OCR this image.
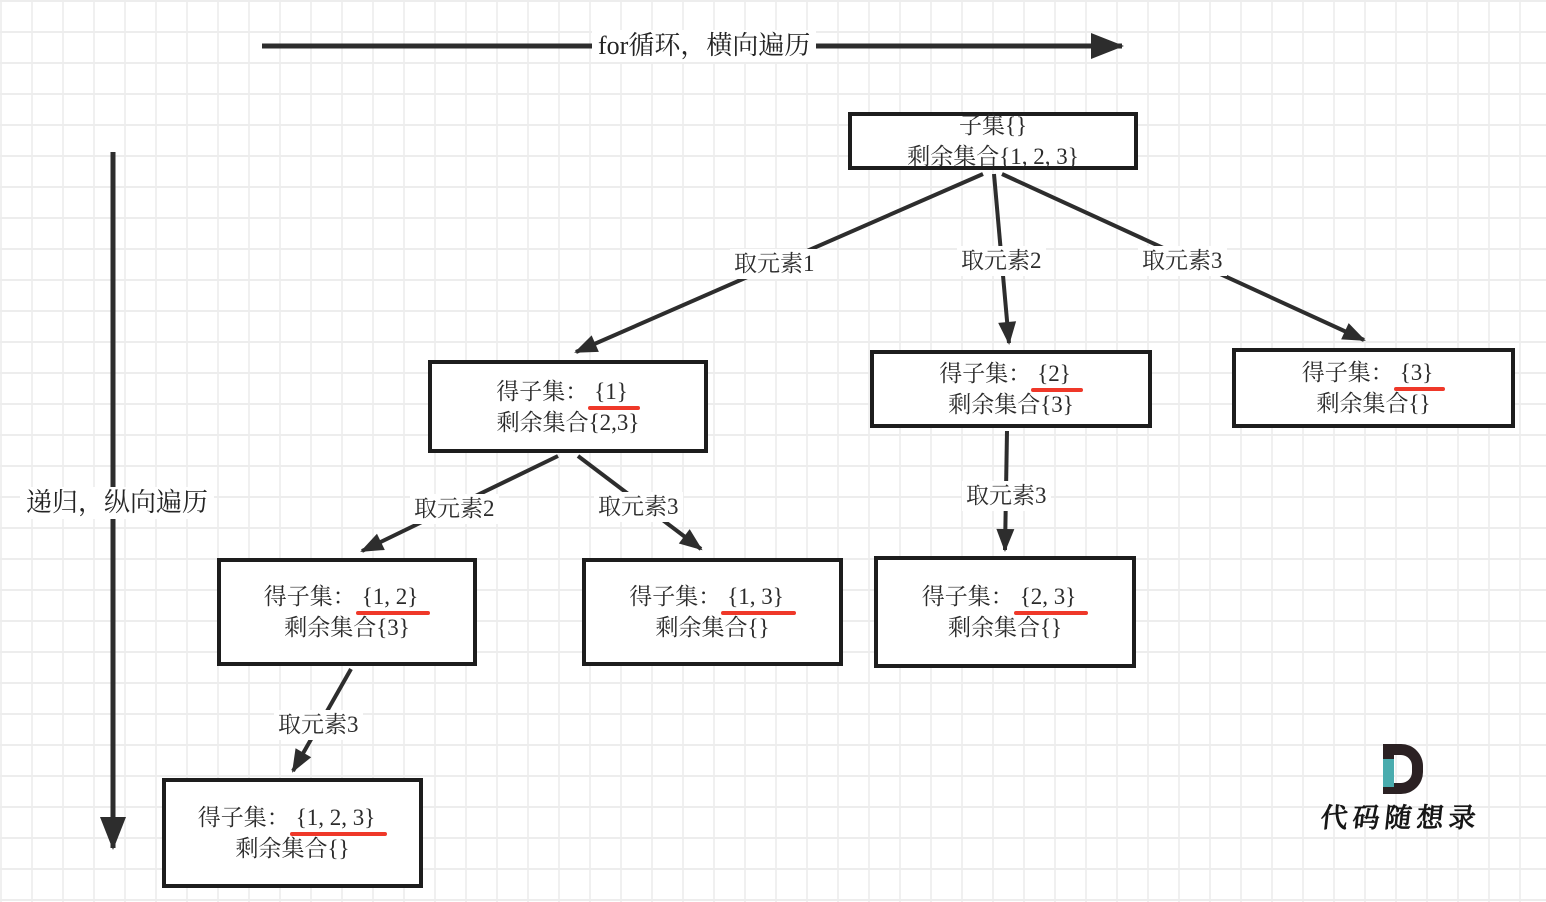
for循环，横向遍历
递归，纵向遍历
子集{}
剩余集合{1, 2, 3}
得子集： {1}
剩余集合{2,3}
得子集： {2}
剩余集合{3}
得子集： {3}
剩余集合{}
得子集： {1, 2}
剩余集合{3}
得子集： {1, 3}
剩余集合{}
得子集： {2, 3}
剩余集合{}
得子集： {1, 2, 3}
剩余集合{}
取元素1	取元素2	取元素3
取元素2	取元素3	取元素3
取元素3
代码随想录
